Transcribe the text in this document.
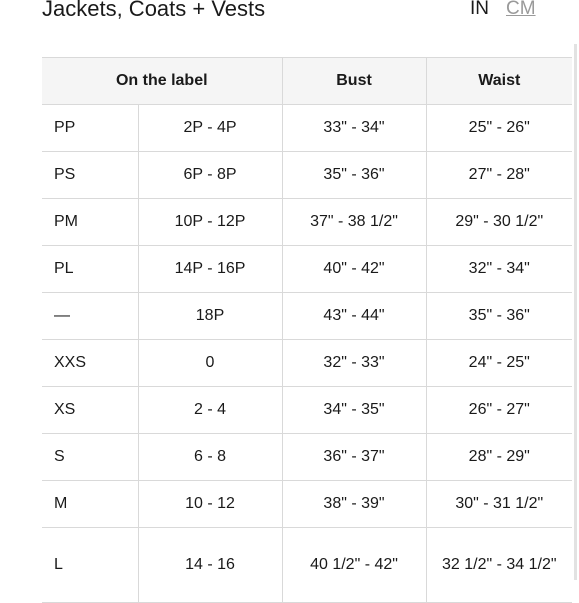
Jackets, Coats + Vests	IN CM
On the label		Bust	Waist
PP	2P - 4P	33" - 34"	25" - 26"
PS	6P - 8P	35" - 36"	27" - 28"
PM	10P - 12P	37" - 38 1/2"	29" - 30 1/2"
PL	14P - 16P	40" - 42"	32" - 34"
—	18P	43" - 44"	35" - 36"
XXS	0	32" - 33"	24" - 25"
XS	2 - 4	34" - 35"	26" - 27"
S	6 - 8	36" - 37"	28" - 29"
M	10 - 12	38" - 39"	30" - 31 1/2"
L	14 - 16	40 1/2" - 42"	32 1/2" - 34 1/2"
